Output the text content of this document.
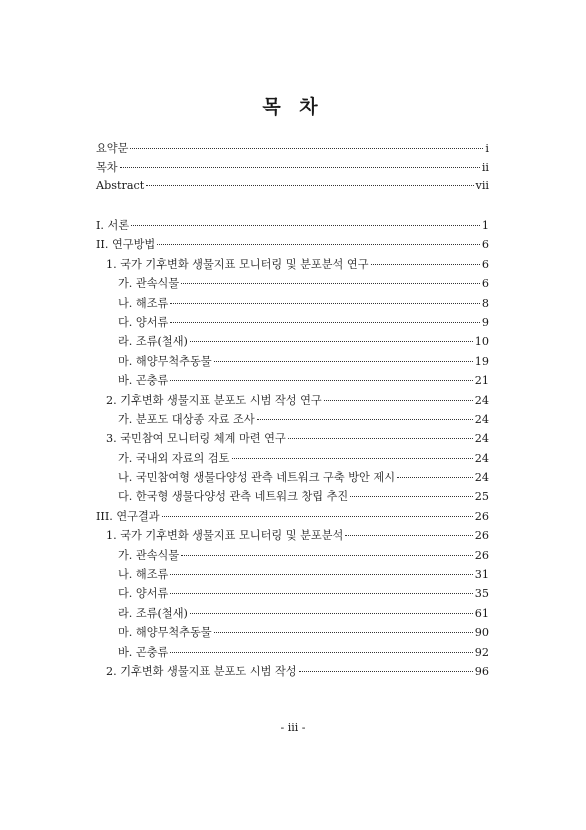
목 차
요약문	i
목차	ii
Abstract	vii
I. 서론	1
II. 연구방법	6
1. 국가 기후변화 생물지표 모니터링 및 분포분석 연구	6
가. 관속식물	6
나. 해조류	8
다. 양서류	9
라. 조류(철새)	10
마. 해양무척추동물	19
바. 곤충류	21
2. 기후변화 생물지표 분포도 시범 작성 연구	24
가. 분포도 대상종 자료 조사	24
3. 국민참여 모니터링 체계 마련 연구	24
가. 국내외 자료의 검토	24
나. 국민참여형 생물다양성 관측 네트워크 구축 방안 제시	24
다. 한국형 생물다양성 관측 네트워크 창립 추진	25
III. 연구결과	26
1. 국가 기후변화 생물지표 모니터링 및 분포분석	26
가. 관속식물	26
나. 해조류	31
다. 양서류	35
라. 조류(철새)	61
마. 해양무척추동물	90
바. 곤충류	92
2. 기후변화 생물지표 분포도 시범 작성	96
- iii -
